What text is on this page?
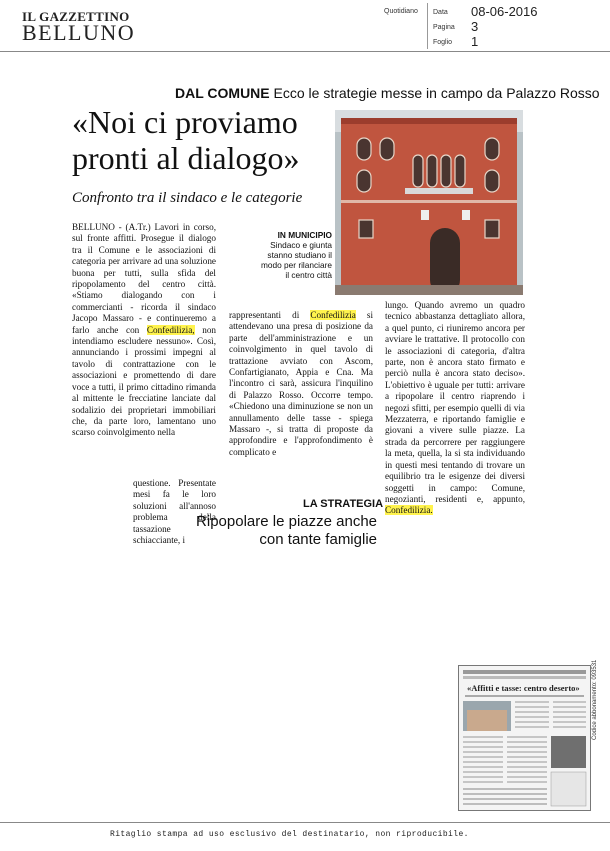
IL GAZZETTINO
BELLUNO
Quotidiano Data 08-06-2016
Pagina 3
Foglio 1
DAL COMUNE Ecco le strategie messe in campo da Palazzo Rosso
«Noi ci proviamo pronti al dialogo»
Confronto tra il sindaco e le categorie
IN MUNICIPIO
Sindaco e giunta stanno studiano il modo per rilanciare il centro città

BELLUNO - (A.Tr.) Lavori in corso, sul fronte affitti. Prosegue il dialogo tra il Comune e le associazioni di categoria per arrivare ad una soluzione buona per tutti, sulla sfida del ripopolamento del centro città. «Stiamo dialogando con i commercianti - ricorda il sindaco Jacopo Massaro - e continueremo a farlo anche con Confedilizia, non intendiamo escludere nessuno». Così, annunciando i prossimi impegni al tavolo di contrattazione con le associazioni e promettendo di dare voce a tutti, il primo cittadino rimanda al mittente le frecciatine lanciate dal sodalizio dei proprietari immobiliari che, da parte loro, lamentano uno scarso coinvolgimento nella

questione. Presentate mesi fa le loro soluzioni all'annoso problema della tassazione schiacciante, i

rappresentanti di Confedilizia si attendevano una presa di posizione da parte dell'amministrazione e un coinvolgimento in quel tavolo di trattazione avviato con Ascom, Confartigianato, Appia e Cna. Ma l'incontro ci sarà, assicura l'inquilino di Palazzo Rosso. Occorre tempo. «Chiedono una diminuzione se non un annullamento delle tasse - spiega Massaro -, si tratta di proposte da approfondire e l'approfondimento è complicato e

LA STRATEGIA
Ripopolare le piazze anche con tante famiglie

lungo. Quando avremo un quadro tecnico abbastanza dettagliato allora, a quel punto, ci riuniremo ancora per avviare le trattative. Il protocollo con le associazioni di categoria, d'altra parte, non è ancora stato firmato e perciò nulla è ancora stato deciso». L'obiettivo è uguale per tutti: arrivare a ripopolare il centro riaprendo i negozi sfitti, per esempio quelli di via Mezzaterra, e riportando famiglie e giovani a vivere sulle piazze. La strada da percorrere per raggiungere la meta, quella, la si sta individuando in questi mesi tentando di trovare un equilibrio tra le esigenze dei diversi soggetti in campo: Comune, negozianti, residenti e, appunto, Confedilizia.

«Affitti e tasse: centro deserto» Codice abbonamento: 093531
Ritaglio stampa ad uso esclusivo del destinatario, non riproducibile.
